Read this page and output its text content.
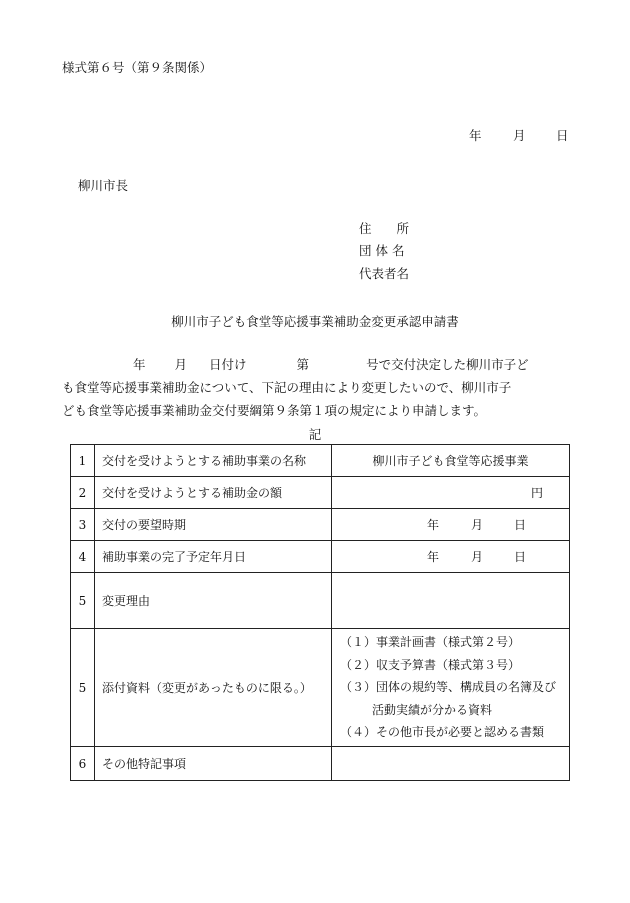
様式第６号（第９条関係）
年	月 日
柳川市長
住　　所
団 体 名
代表者名
柳川市子ども食堂等応援事業補助金変更承認申請書
年 月 日付け	第	号で交付決定した柳川市子ど
も食堂等応援事業補助金について、下記の理由により変更したいので、柳川市子
ども食堂等応援事業補助金交付要綱第９条第１項の規定により申請します。
記
1	交付を受けようとする補助事業の名称	柳川市子ども食堂等応援事業
2	交付を受けようとする補助金の額	円
3	交付の要望時期	年 月 日
4	補助事業の完了予定年月日	年 月 日
5	変更理由	
5	添付資料（変更があったものに限る。）	（１）事業計画書（様式第２号）
（２）収支予算書（様式第３号）
（３）団体の規約等、構成員の名簿及び
活動実績が分かる資料
（４）その他市長が必要と認める書類

6	その他特記事項	
